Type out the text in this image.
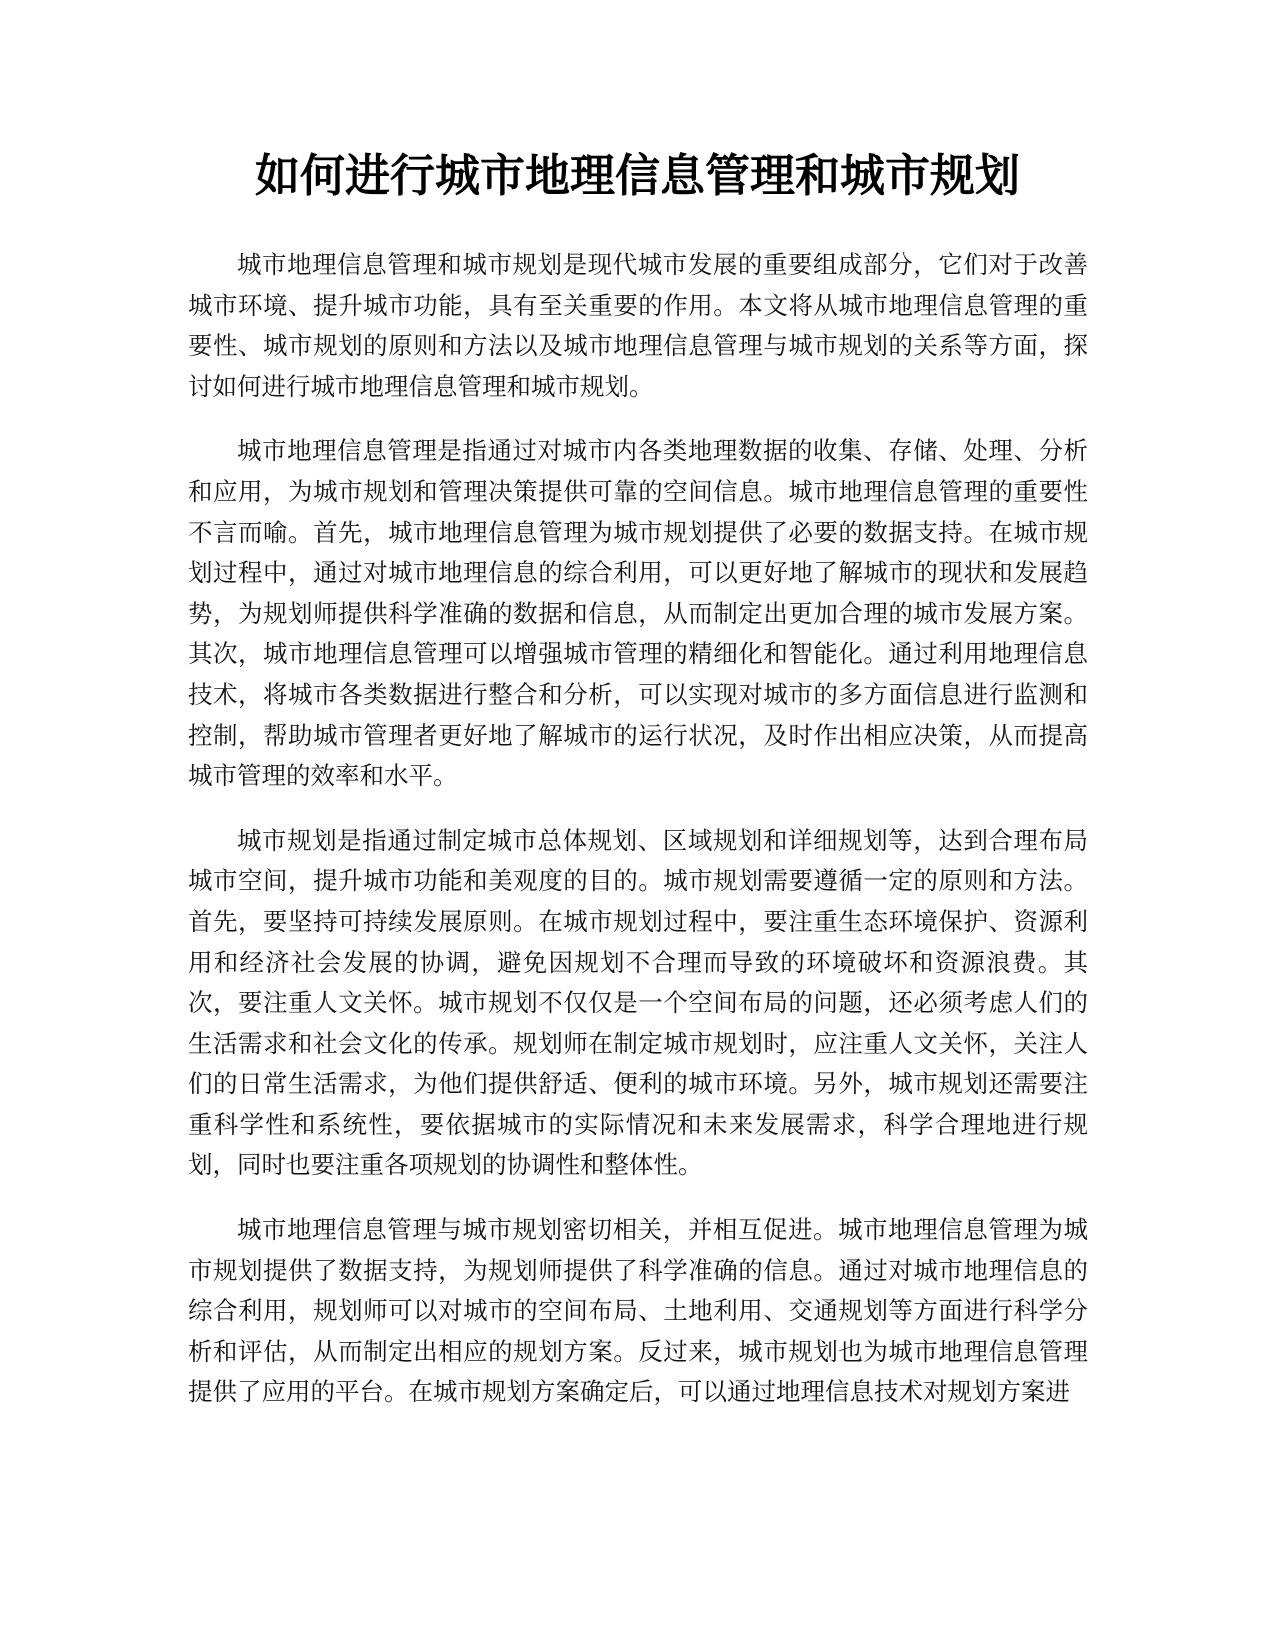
如何进行城市地理信息管理和城市规划

城市地理信息管理和城市规划是现代城市发展的重要组成部分，它们对于改善城市环境、提升城市功能，具有至关重要的作用。本文将从城市地理信息管理的重要性、城市规划的原则和方法以及城市地理信息管理与城市规划的关系等方面，探讨如何进行城市地理信息管理和城市规划。

城市地理信息管理是指通过对城市内各类地理数据的收集、存储、处理、分析和应用，为城市规划和管理决策提供可靠的空间信息。城市地理信息管理的重要性不言而喻。首先，城市地理信息管理为城市规划提供了必要的数据支持。在城市规划过程中，通过对城市地理信息的综合利用，可以更好地了解城市的现状和发展趋势，为规划师提供科学准确的数据和信息，从而制定出更加合理的城市发展方案。其次，城市地理信息管理可以增强城市管理的精细化和智能化。通过利用地理信息技术，将城市各类数据进行整合和分析，可以实现对城市的多方面信息进行监测和控制，帮助城市管理者更好地了解城市的运行状况，及时作出相应决策，从而提高城市管理的效率和水平。

城市规划是指通过制定城市总体规划、区域规划和详细规划等，达到合理布局城市空间，提升城市功能和美观度的目的。城市规划需要遵循一定的原则和方法。首先，要坚持可持续发展原则。在城市规划过程中，要注重生态环境保护、资源利用和经济社会发展的协调，避免因规划不合理而导致的环境破坏和资源浪费。其次，要注重人文关怀。城市规划不仅仅是一个空间布局的问题，还必须考虑人们的生活需求和社会文化的传承。规划师在制定城市规划时，应注重人文关怀，关注人们的日常生活需求，为他们提供舒适、便利的城市环境。另外，城市规划还需要注重科学性和系统性，要依据城市的实际情况和未来发展需求，科学合理地进行规划，同时也要注重各项规划的协调性和整体性。

城市地理信息管理与城市规划密切相关，并相互促进。城市地理信息管理为城市规划提供了数据支持，为规划师提供了科学准确的信息。通过对城市地理信息的综合利用，规划师可以对城市的空间布局、土地利用、交通规划等方面进行科学分析和评估，从而制定出相应的规划方案。反过来，城市规划也为城市地理信息管理提供了应用的平台。在城市规划方案确定后，可以通过地理信息技术对规划方案进
